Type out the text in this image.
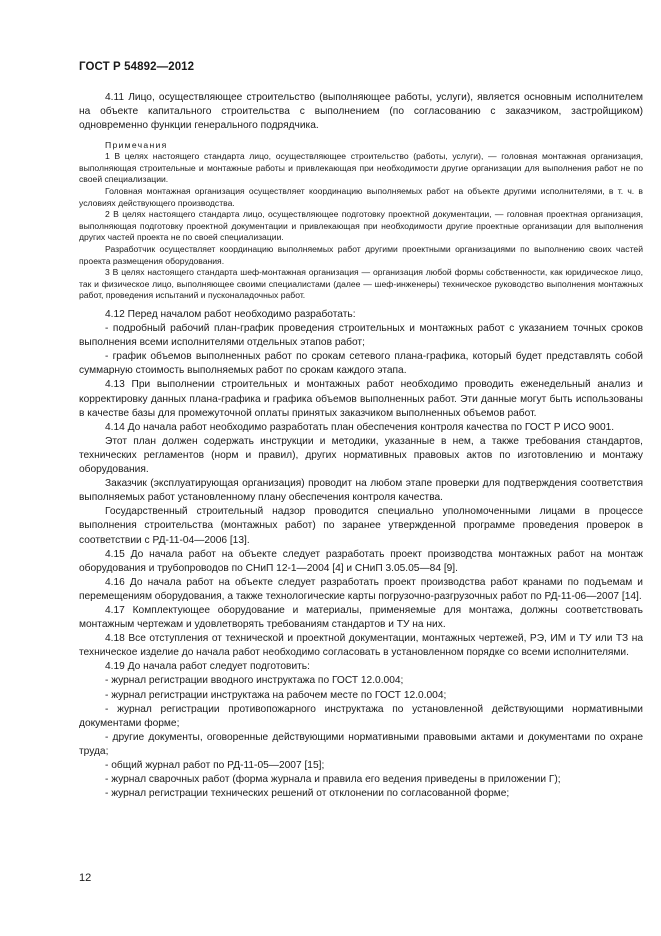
ГОСТ Р 54892—2012

4.11 Лицо, осуществляющее строительство (выполняющее работы, услуги), является основным исполнителем на объекте капитального строительства с выполнением (по согласованию с заказчиком, застройщиком) одновременно функции генерального подрядчика.

Примечания

1 В целях настоящего стандарта лицо, осуществляющее строительство (работы, услуги), — головная монтажная организация, выполняющая строительные и монтажные работы и привлекающая при необходимости другие организации для выполнения работ не по своей специализации.

Головная монтажная организация осуществляет координацию выполняемых работ на объекте другими исполнителями, в т. ч. в условиях действующего производства.

2 В целях настоящего стандарта лицо, осуществляющее подготовку проектной документации, — головная проектная организация, выполняющая подготовку проектной документации и привлекающая при необходимости другие проектные организации для выполнения других частей проекта не по своей специализации.

Разработчик осуществляет координацию выполняемых работ другими проектными организациями по выполнению своих частей проекта размещения оборудования.

3 В целях настоящего стандарта шеф-монтажная организация — организация любой формы собственности, как юридическое лицо, так и физическое лицо, выполняющее своими специалистами (далее — шеф-инженеры) техническое руководство выполнения монтажных работ, проведения испытаний и пусконаладочных работ.

4.12 Перед началом работ необходимо разработать:

- подробный рабочий план-график проведения строительных и монтажных работ с указанием точных сроков выполнения всеми исполнителями отдельных этапов работ;

- график объемов выполненных работ по срокам сетевого плана-графика, который будет представлять собой суммарную стоимость выполняемых работ по срокам каждого этапа.

4.13 При выполнении строительных и монтажных работ необходимо проводить еженедельный анализ и корректировку данных плана-графика и графика объемов выполненных работ. Эти данные могут быть использованы в качестве базы для промежуточной оплаты принятых заказчиком выполненных объемов работ.

4.14 До начала работ необходимо разработать план обеспечения контроля качества по ГОСТ Р ИСО 9001.

Этот план должен содержать инструкции и методики, указанные в нем, а также требования стандартов, технических регламентов (норм и правил), других нормативных правовых актов по изготовлению и монтажу оборудования.

Заказчик (эксплуатирующая организация) проводит на любом этапе проверки для подтверждения соответствия выполняемых работ установленному плану обеспечения контроля качества.

Государственный строительный надзор проводится специально уполномоченными лицами в процессе выполнения строительства (монтажных работ) по заранее утвержденной программе проведения проверок в соответствии с РД-11-04—2006 [13].

4.15 До начала работ на объекте следует разработать проект производства монтажных работ на монтаж оборудования и трубопроводов по СНиП 12-1—2004 [4] и СНиП 3.05.05—84 [9].

4.16 До начала работ на объекте следует разработать проект производства работ кранами по подъемам и перемещениям оборудования, а также технологические карты погрузочно-разгрузочных работ по РД-11-06—2007 [14].

4.17 Комплектующее оборудование и материалы, применяемые для монтажа, должны соответствовать монтажным чертежам и удовлетворять требованиям стандартов и ТУ на них.

4.18 Все отступления от технической и проектной документации, монтажных чертежей, РЭ, ИМ и ТУ или ТЗ на техническое изделие до начала работ необходимо согласовать в установленном порядке со всеми исполнителями.

4.19 До начала работ следует подготовить:

- журнал регистрации вводного инструктажа по ГОСТ 12.0.004;

- журнал регистрации инструктажа на рабочем месте по ГОСТ 12.0.004;

- журнал регистрации противопожарного инструктажа по установленной действующими нормативными документами форме;

- другие документы, оговоренные действующими нормативными правовыми актами и документами по охране труда;

- общий журнал работ по РД-11-05—2007 [15];

- журнал сварочных работ (форма журнала и правила его ведения приведены в приложении Г);

- журнал регистрации технических решений от отклонении по согласованной форме;

12
